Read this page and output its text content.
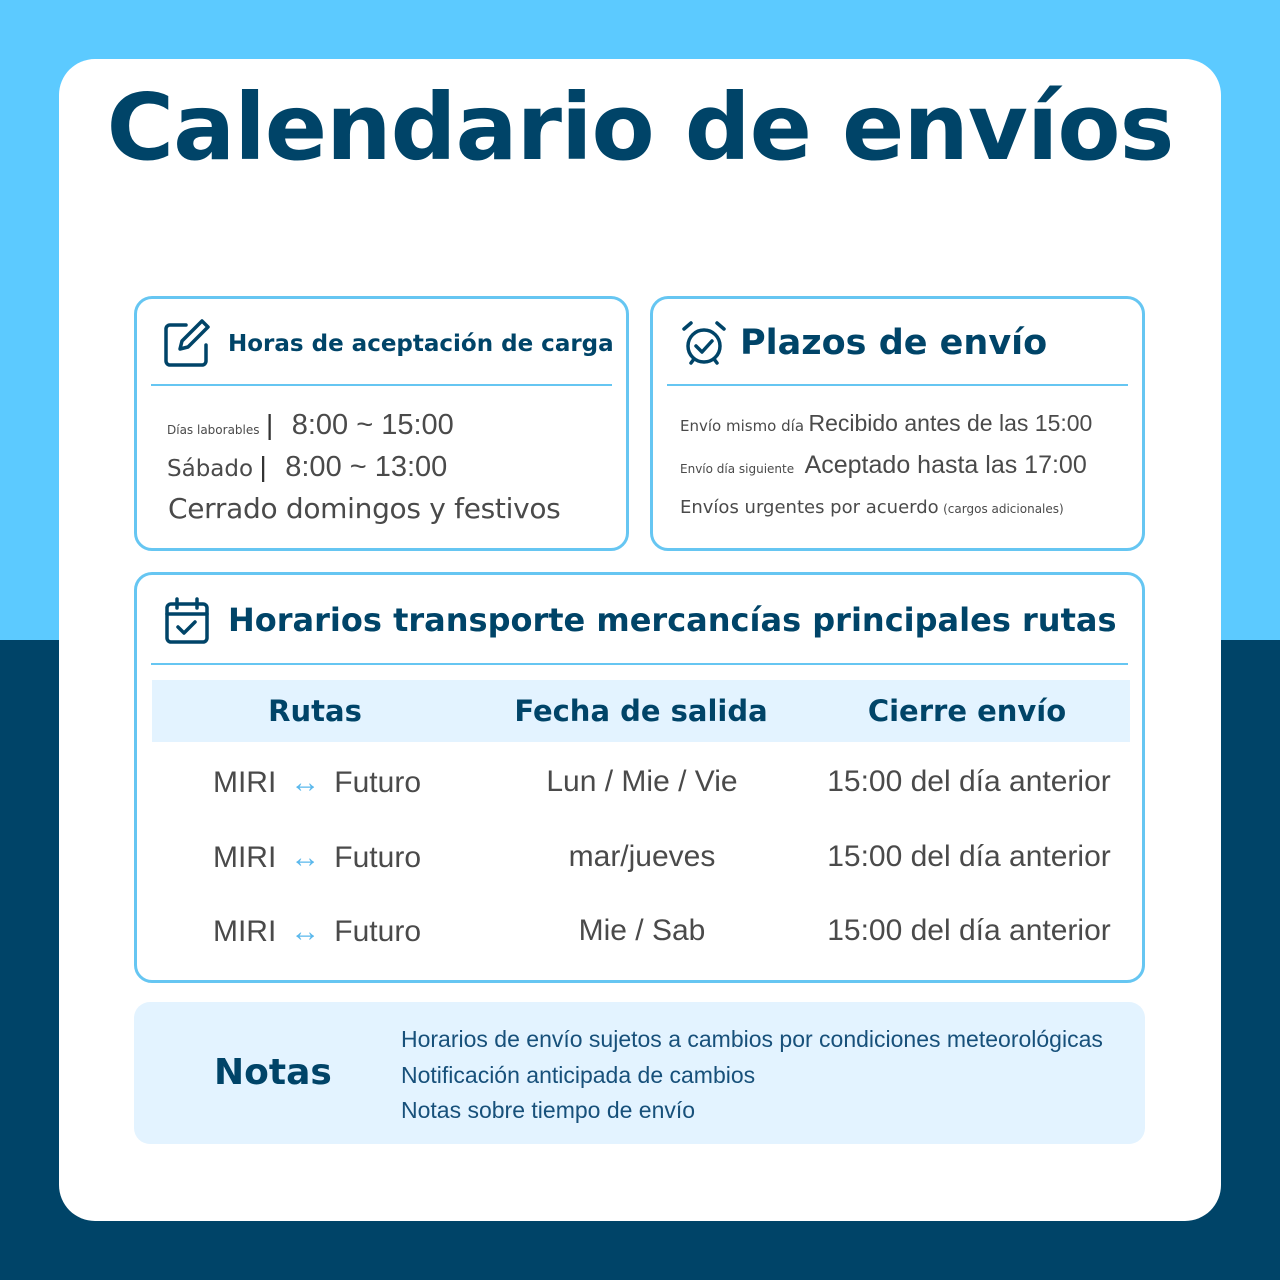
Calendario de envíos
Horas de aceptación de carga
Días laborables | 8:00 ~ 15:00
Sábado | 8:00 ~ 13:00
Cerrado domingos y festivos
Plazos de envío
Envío mismo día Recibido antes de las 15:00
Envío día siguiente Aceptado hasta las 17:00
Envíos urgentes por acuerdo (cargos adicionales)
Horarios transporte mercancías principales rutas
Rutas	Fecha de salida	Cierre envío
MIRI ↔ Futuro	Lun / Mie / Vie	15:00 del día anterior
MIRI ↔ Futuro	mar/jueves	15:00 del día anterior
MIRI ↔ Futuro	Mie / Sab	15:00 del día anterior
Notas
Horarios de envío sujetos a cambios por condiciones meteorológicas
Notificación anticipada de cambios
Notas sobre tiempo de envío
